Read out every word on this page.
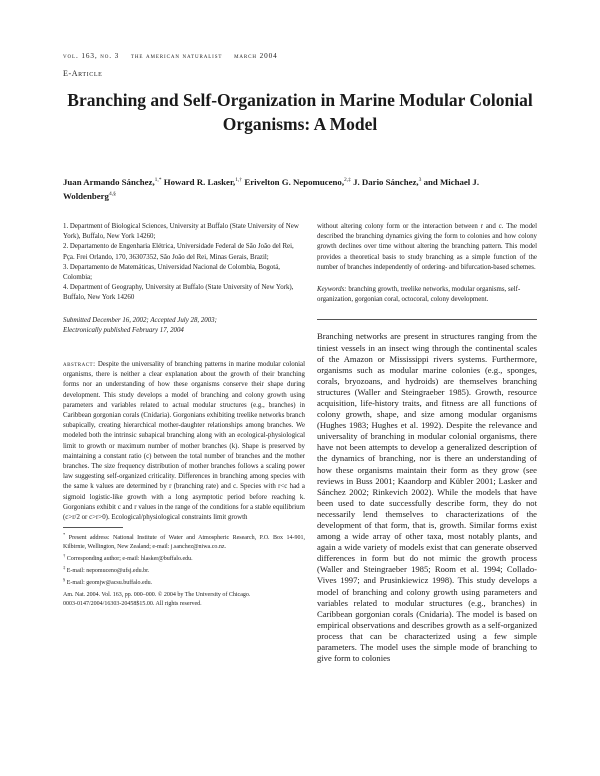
vol. 163, no. 3 the american naturalist march 2004
E-Article
Branching and Self-Organization in Marine Modular Colonial Organisms: A Model
Juan Armando Sánchez,$^{1,*}$ Howard R. Lasker,$^{1,\dagger}$ Erivelton G. Nepomuceno,$^{2,\ddagger}$ J. Dario Sánchez,$^3$ and Michael J. Woldenberg$^{4,\S}$

1. Department of Biological Sciences, University at Buffalo (State University of New York), Buffalo, New York 14260;

2. Departamento de Engenharia Elétrica, Universidade Federal de São João del Rei, Pça. Frei Orlando, 170, 36307352, São João del Rei, Minas Gerais, Brazil;

3. Departamento de Matemáticas, Universidad Nacional de Colombia, Bogotá, Colombia;

4. Department of Geography, University at Buffalo (State University of New York), Buffalo, New York 14260

Submitted December 16, 2002; Accepted July 28, 2003;
Electronically published February 17, 2004

abstract: Despite the universality of branching patterns in marine modular colonial organisms, there is neither a clear explanation about the growth of their branching forms nor an understanding of how these organisms conserve their shape during development. This study develops a model of branching and colony growth using parameters and variables related to actual modular structures (e.g., branches) in Caribbean gorgonian corals (Cnidaria). Gorgonians exhibiting treelike networks branch subapically, creating hierarchical mother-daughter relationships among branches. We modeled both the intrinsic subapical branching along with an ecological-physiological limit to growth or maximum number of mother branches (k). Shape is preserved by maintaining a constant ratio (c) between the total number of branches and the mother branches. The size frequency distribution of mother branches follows a scaling power law suggesting self-organized criticality. Differences in branching among species with the same k values are determined by r (branching rate) and c. Species with r<c had a sigmoid logistic-like growth with a long asymptotic period before reaching k. Gorgonians exhibit c and r values in the range of the conditions for a stable equilibrium (c>r/2 or c>r>0). Ecological/physiological constraints limit growth

* Present address: National Institute of Water and Atmospheric Research, P.O. Box 14-901, Kilbirnie, Wellington, New Zealand; e-mail: j.sanchez@niwa.co.nz.

† Corresponding author; e-mail: hlasker@buffalo.edu.

‡ E-mail: nepomuceno@ufsj.edu.br.

§ E-mail: geomjw@acsu.buffalo.edu.

Am. Nat. 2004. Vol. 163, pp. 000–000. © 2004 by The University of Chicago.
0003-0147/2004/16303-20458$15.00. All rights reserved.

without altering colony form or the interaction between r and c. The model described the branching dynamics giving the form to colonies and how colony growth declines over time without altering the branching pattern. This model provides a theoretical basis to study branching as a simple function of the number of branches independently of ordering- and bifurcation-based schemes.

Keywords: branching growth, treelike networks, modular organisms, self-organization, gorgonian coral, octocoral, colony development.

Branching networks are present in structures ranging from the tiniest vessels in an insect wing through the continental scales of the Amazon or Mississippi rivers systems. Furthermore, organisms such as modular marine colonies (e.g., sponges, corals, bryozoans, and hydroids) are themselves branching structures (Waller and Steingraeber 1985). Growth, resource acquisition, life-history traits, and fitness are all functions of colony growth, shape, and size among modular organisms (Hughes 1983; Hughes et al. 1992). Despite the relevance and universality of branching in modular colonial organisms, there have not been attempts to develop a generalized description of the dynamics of branching, nor is there an understanding of how these organisms maintain their form as they grow (see reviews in Buss 2001; Kaandorp and Kübler 2001; Lasker and Sánchez 2002; Rinkevich 2002). While the models that have been used to date successfully describe form, they do not necessarily lend themselves to characterizations of the development of that form, that is, growth. Similar forms exist among a wide array of other taxa, most notably plants, and again a wide variety of models exist that can generate observed differences in form but do not mimic the growth process (Waller and Steingraeber 1985; Room et al. 1994; Collado-Vives 1997; and Prusinkiewicz 1998). This study develops a model of branching and colony growth using parameters and variables related to modular structures (e.g., branches) in Caribbean gorgonian corals (Cnidaria). The model is based on empirical observations and describes growth as a self-organized process that can be characterized using a few simple parameters. The model uses the simple mode of branching to give form to colonies
